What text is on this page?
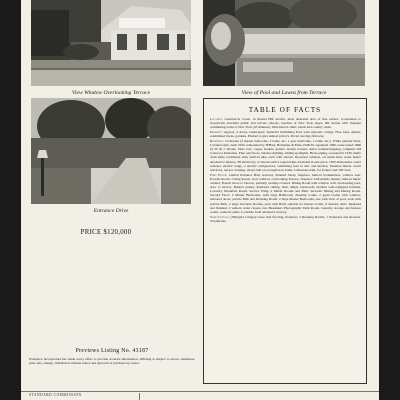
View Window Overlooking Terrace	View of Pool and Lawns from Terrace
Entrance Drive
PRICE $120,000
TABLE OF FACTS

Location: Greenwich, Conn., in Round Hill section, most desirable area of fine estates. Convenient to Greenwich excellent public and private schools, beaches of New York shops, RR station with frequent commuting trains to New York (45 minutes). Well-known clubs, beach and country clubs.

Property: Approx. 4 Acres, landscaped. Splendid Swimming Pool with adjacent cottage. Fine trees, shrubs, established lawns, gardens. Planted to give utmost privacy. Paved curving driveway.

Residence: 10 Rooms (3 master bedrooms, 3 baths, inc. 1 gen. bedrooms, 1 baths, inc.). White painted brick, Colonial style, built 1930, remodeled by H'Hara, Hollander & Eben 1948-50, repainted 1960, redecorated 1966 by W. & J. Sloane. Slate roof, copper leaders, gutters, bronze screens, metal weatherstripping, complete 2M rockwool insulation. Fine oak floors, balance lighting, sliding spotlights. Brass piping, screened in 1930. Kelly clerk halls, traditional bath, built-in tubs, each with shower. Recessed cabinets, oil steam heat, water heater attached to furnace. FP electricity, 2 cisterns with 2 wiped baths. Included in sale price: 1950 dishwasher, water softener, electric range, 2 electric refrigerators, ventilating fans in attic and kitchen, Venetian blinds, storm windows, terrace awnings, shop's bell on wrought iron frame. Limestone trim, for lockers and 100' boat.

First Floor: Central Entrance Hall, stairway. Paneled Study, fireplace, built-in bookshelves, window seat. Powder Room. Living Room, view window overlooking Terrace, fireplace with marble mantel, built-in music cabinet, French doors to Terrace, partially awning-covered. Dining Room with window wall overlooking pool, door to terrace. Butler's pantry, insulated ceiling, sink, ample cupboards; modern well-equipped Kitchen. Lavatory, Breakfast Room. Service Wing: 2 Maids' Rooms and Bath. Servants' Dining and Dining Room. Second Floor: 2 Master Bedrooms, with large Bathroom, dressing rooms, 2 guest rooms with window, mirrored doors, private Bath and Dressing Room. 2 large Master Bedrooms; one with view of pool, each with private Bath. 2 large Servants' Rooms, each with Bath, suitable for master rooms, if desired. Attic: Insulated and finished, 2 walk-in cedar closets, fan. Basement: Photographic Dark Room, Laundry, storage and furnace rooms, walk-in vaults. Lockable from attached Lavatory.

Swim Cottage: (Shingled cottage); stone slab flooring, fireplace; 2 Dressing Rooms, 1 lavatories and showers. Townhouse.

Previews Listing No. 43187
Exclusive Incorporated has made every effort to provide accurate information. Offering is subject to errors, omissions, prior sale, change, withdrawal without notice and approval of purchase by owner.
STANDARD COMMISSION
